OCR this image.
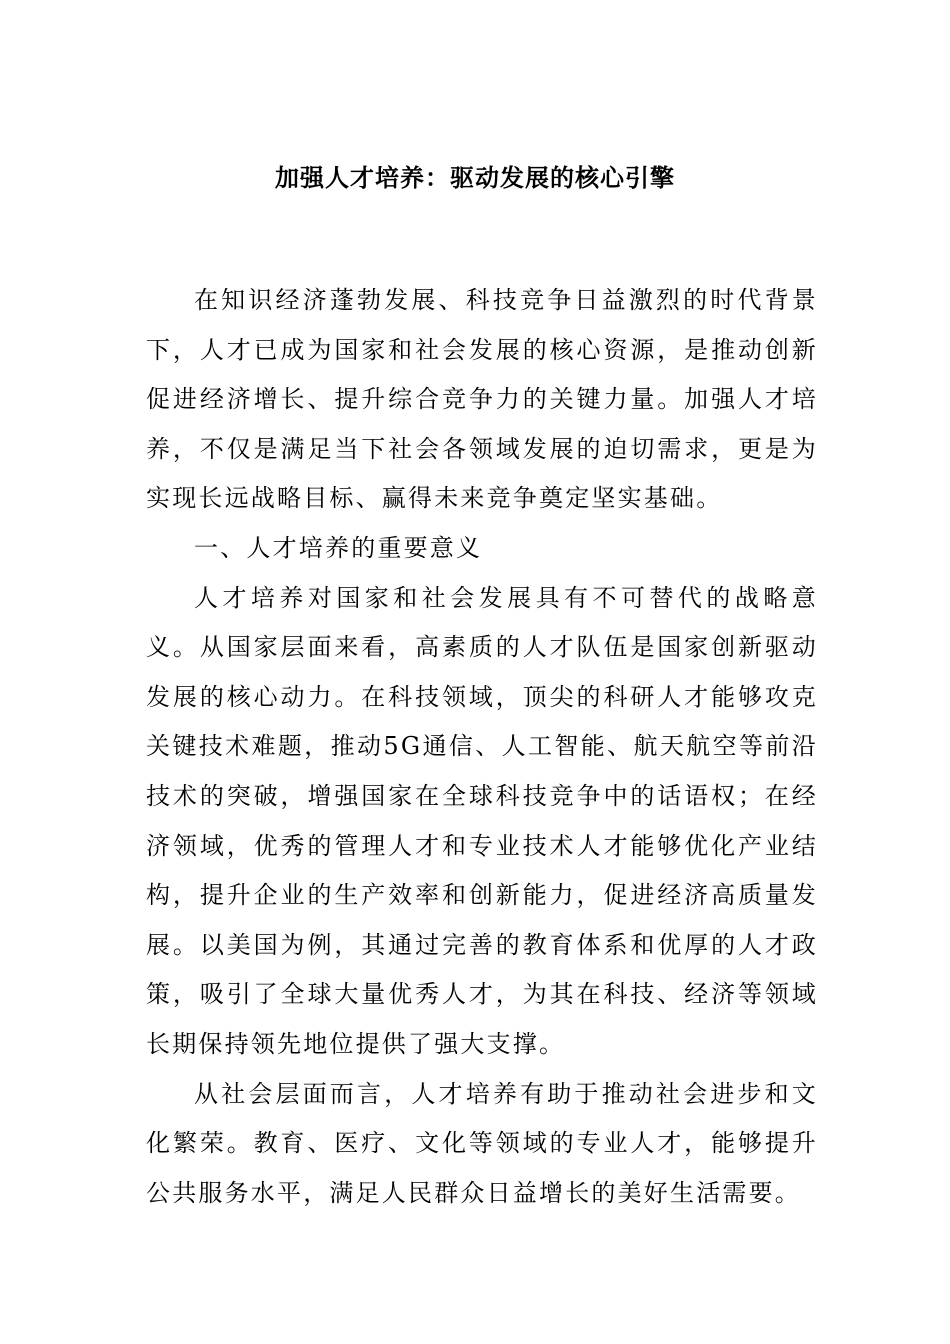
加强人才培养：驱动发展的核心引擎

在知识经济蓬勃发展、科技竞争日益激烈的时代背景下，人才已成为国家和社会发展的核心资源，是推动创新促进经济增长、提升综合竞争力的关键力量。加强人才培养，不仅是满足当下社会各领域发展的迫切需求，更是为实现长远战略目标、赢得未来竞争奠定坚实基础。

一、人才培养的重要意义

人才培养对国家和社会发展具有不可替代的战略意义。从国家层面来看，高素质的人才队伍是国家创新驱动发展的核心动力。在科技领域，顶尖的科研人才能够攻克关键技术难题，推动5G通信、人工智能、航天航空等前沿技术的突破，增强国家在全球科技竞争中的话语权；在经济领域，优秀的管理人才和专业技术人才能够优化产业结构，提升企业的生产效率和创新能力，促进经济高质量发展。以美国为例，其通过完善的教育体系和优厚的人才政策，吸引了全球大量优秀人才，为其在科技、经济等领域长期保持领先地位提供了强大支撑。

从社会层面而言，人才培养有助于推动社会进步和文化繁荣。教育、医疗、文化等领域的专业人才，能够提升公共服务水平，满足人民群众日益增长的美好生活需要。
